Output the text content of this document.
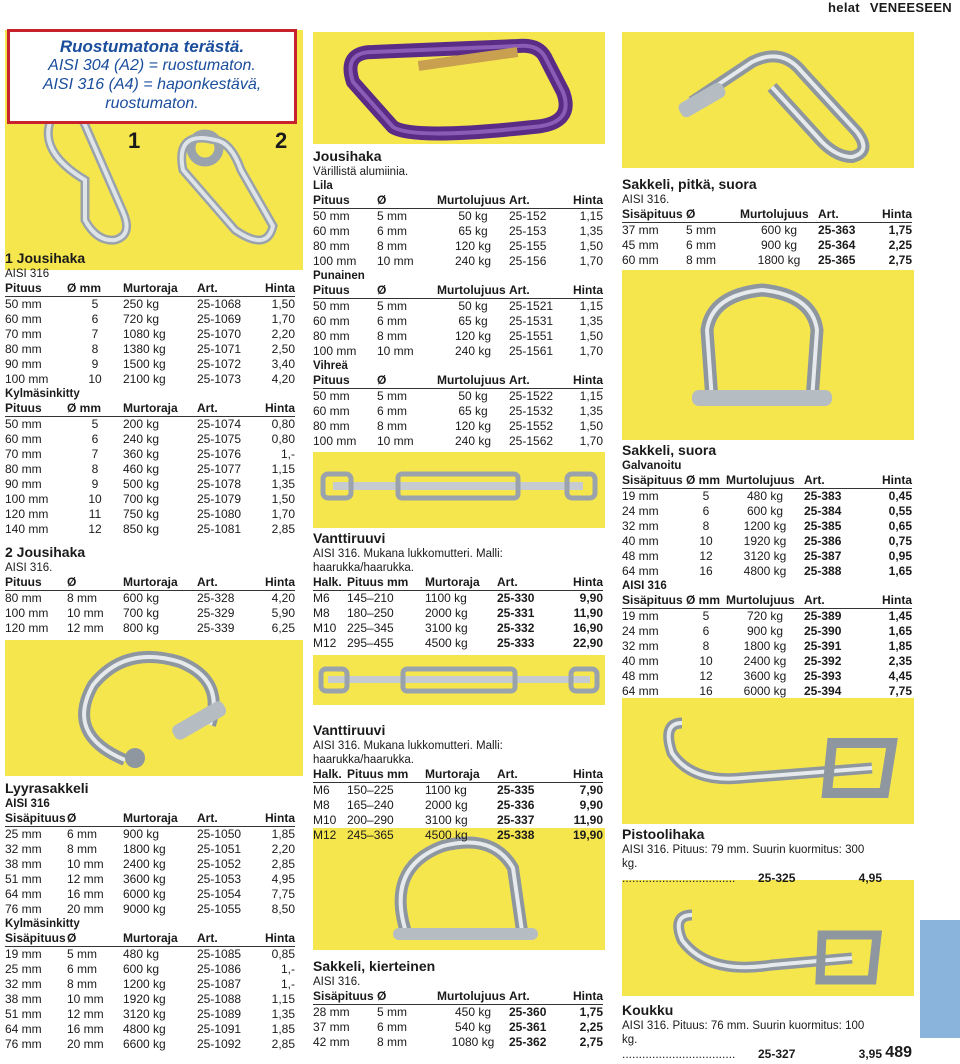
helat VENEESEEN
Ruostumatona terästä.
AISI 304 (A2) = ruostumaton.
AISI 316 (A4) = haponkestävä,
ruostumaton.
1	2
1 Jousihaka
AISI 316
Pituus	Ø mm	Murtoraja	Art.	Hinta
50 mm	5	250 kg	25-1068	1,50
60 mm	6	720 kg	25-1069	1,70
70 mm	7	1080 kg	25-1070	2,20
80 mm	8	1380 kg	25-1071	2,50
90 mm	9	1500 kg	25-1072	3,40
100 mm	10	2100 kg	25-1073	4,20
Kylmäsinkitty
Pituus	Ø mm	Murtoraja	Art.	Hinta
50 mm	5	200 kg	25-1074	0,80
60 mm	6	240 kg	25-1075	0,80
70 mm	7	360 kg	25-1076	1,-
80 mm	8	460 kg	25-1077	1,15
90 mm	9	500 kg	25-1078	1,35
100 mm	10	700 kg	25-1079	1,50
120 mm	11	750 kg	25-1080	1,70
140 mm	12	850 kg	25-1081	2,85
2 Jousihaka
AISI 316.
Pituus	Ø	Murtoraja	Art.	Hinta
80 mm	8 mm	600 kg	25-328	4,20
100 mm	10 mm	700 kg	25-329	5,90
120 mm	12 mm	800 kg	25-339	6,25
Lyyrasakkeli
AISI 316
Sisäpituus	Ø	Murtoraja	Art.	Hinta
25 mm	6 mm	900 kg	25-1050	1,85
32 mm	8 mm	1800 kg	25-1051	2,20
38 mm	10 mm	2400 kg	25-1052	2,85
51 mm	12 mm	3600 kg	25-1053	4,95
64 mm	16 mm	6000 kg	25-1054	7,75
76 mm	20 mm	9000 kg	25-1055	8,50
Kylmäsinkitty
Sisäpituus	Ø	Murtoraja	Art.	Hinta
19 mm	5 mm	480 kg	25-1085	0,85
25 mm	6 mm	600 kg	25-1086	1,-
32 mm	8 mm	1200 kg	25-1087	1,-
38 mm	10 mm	1920 kg	25-1088	1,15
51 mm	12 mm	3120 kg	25-1089	1,35
64 mm	16 mm	4800 kg	25-1091	1,85
76 mm	20 mm	6600 kg	25-1092	2,85
Jousihaka
Värillistä alumiinia.
Lila
Pituus	Ø	Murtolujuus	Art.	Hinta
50 mm	5 mm	50 kg	25-152	1,15
60 mm	6 mm	65 kg	25-153	1,35
80 mm	8 mm	120 kg	25-155	1,50
100 mm	10 mm	240 kg	25-156	1,70
Punainen
Pituus	Ø	Murtolujuus	Art.	Hinta
50 mm	5 mm	50 kg	25-1521	1,15
60 mm	6 mm	65 kg	25-1531	1,35
80 mm	8 mm	120 kg	25-1551	1,50
100 mm	10 mm	240 kg	25-1561	1,70
Vihreä
Pituus	Ø	Murtolujuus	Art.	Hinta
50 mm	5 mm	50 kg	25-1522	1,15
60 mm	6 mm	65 kg	25-1532	1,35
80 mm	8 mm	120 kg	25-1552	1,50
100 mm	10 mm	240 kg	25-1562	1,70
Vanttiruuvi
AISI 316. Mukana lukkomutteri. Malli: haarukka/haarukka.
Halk.	Pituus mm	Murtoraja	Art.	Hinta
M6	145–210	1100 kg	25-330	9,90
M8	180–250	2000 kg	25-331	11,90
M10	225–345	3100 kg	25-332	16,90
M12	295–455	4500 kg	25-333	22,90
Vanttiruuvi
AISI 316. Mukana lukkomutteri. Malli: haarukka/haarukka.
Halk.	Pituus mm	Murtoraja	Art.	Hinta
M6	150–225	1100 kg	25-335	7,90
M8	165–240	2000 kg	25-336	9,90
M10	200–290	3100 kg	25-337	11,90
M12	245–365	4500 kg	25-338	19,90
Sakkeli, kierteinen
AISI 316.
Sisäpituus	Ø	Murtolujuus	Art.	Hinta
28 mm	5 mm	450 kg	25-360	1,75
37 mm	6 mm	540 kg	25-361	2,25
42 mm	8 mm	1080 kg	25-362	2,75
Sakkeli, pitkä, suora
AISI 316.
Sisäpituus	Ø	Murtolujuus	Art.	Hinta
37 mm	5 mm	600 kg	25-363	1,75
45 mm	6 mm	900 kg	25-364	2,25
60 mm	8 mm	1800 kg	25-365	2,75
Sakkeli, suora
Galvanoitu
Sisäpituus	Ø mm	Murtolujuus	Art.	Hinta
19 mm	5	480 kg	25-383	0,45
24 mm	6	600 kg	25-384	0,55
32 mm	8	1200 kg	25-385	0,65
40 mm	10	1920 kg	25-386	0,75
48 mm	12	3120 kg	25-387	0,95
64 mm	16	4800 kg	25-388	1,65
AISI 316
Sisäpituus	Ø mm	Murtolujuus	Art.	Hinta
19 mm	5	720 kg	25-389	1,45
24 mm	6	900 kg	25-390	1,65
32 mm	8	1800 kg	25-391	1,85
40 mm	10	2400 kg	25-392	2,35
48 mm	12	3600 kg	25-393	4,45
64 mm	16	6000 kg	25-394	7,75
Pistoolihaka
AISI 316. Pituus: 79 mm. Suurin kuormitus: 300 kg.
..................................	25-325	4,95
Koukku
AISI 316. Pituus: 76 mm. Suurin kuormitus: 100 kg.
..................................	25-327	3,95 489
